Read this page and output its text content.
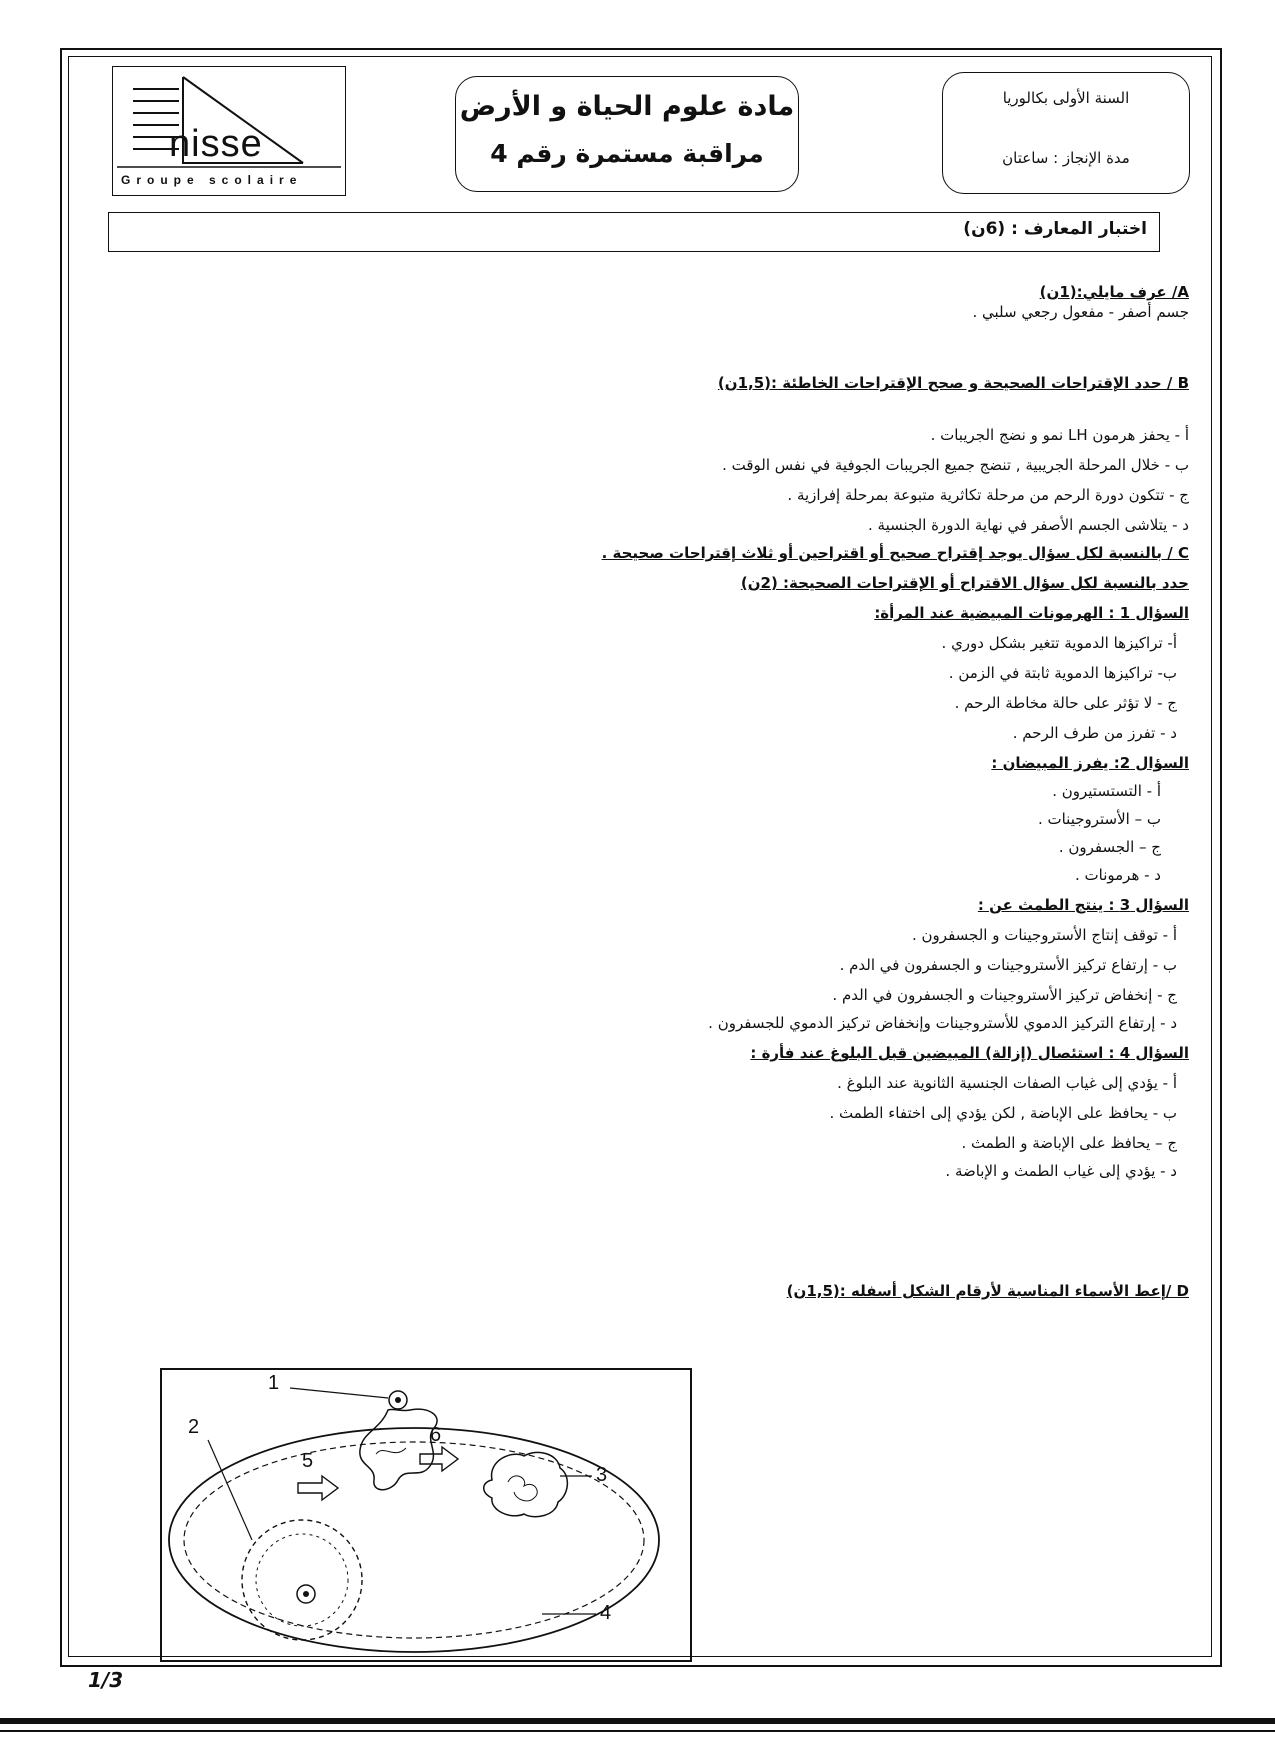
nisse
Groupe scolaire
مادة علوم الحياة و الأرض
مراقبة مستمرة رقم 4
السنة الأولى بكالوريا
مدة الإنجاز : ساعتان
اختبار المعارف : (6ن)
A/ عرف مايلي:(1ن)
جسم أصفر - مفعول رجعي سلبي .
B / حدد الإقتراحات الصحيحة و صحح الإقتراحات الخاطئة :(1,5ن)
أ - يحفز هرمون LH نمو و نضج الجريبات .
ب - خلال المرحلة الجريبية , تنضج جميع الجريبات الجوفية في نفس الوقت .
ج - تتكون دورة الرحم من مرحلة تكاثرية متبوعة بمرحلة إفرازية .
د - يتلاشى الجسم الأصفر في نهاية الدورة الجنسية .
C / بالنسبة لكل سؤال يوجد إقتراح صحيح أو اقتراحين أو ثلاث إقتراحات صحيحة .
حدد بالنسبة لكل سؤال الاقتراح أو الإقتراحات الصحيحة: (2ن)
السؤال 1 : الهرمونات المبيضية عند المرأة:
أ- تراكيزها الدموية تتغير بشكل دوري .
ب- تراكيزها الدموية ثابتة في الزمن .
ج - لا تؤثر على حالة مخاطة الرحم .
د - تفرز من طرف الرحم .
السؤال 2: يفرز المبيضان :
أ - التستستيرون .
ب – الأستروجينات .
ج – الجسفرون .
د - هرمونات .
السؤال 3 : ينتج الطمث عن :
أ - توقف إنتاج الأستروجينات و الجسفرون .
ب - إرتفاع تركيز الأستروجينات و الجسفرون في الدم .
ج - إنخفاض تركيز الأستروجينات و الجسفرون في الدم .
د - إرتفاع التركيز الدموي للأستروجينات وإنخفاض تركيز الدموي للجسفرون .
السؤال 4 : استئصال (إزالة) المبيضين قبل البلوغ عند فأرة :
أ - يؤدي إلى غياب الصفات الجنسية الثانوية عند البلوغ .
ب - يحافظ على الإباضة , لكن يؤدي إلى اختفاء الطمث .
ج – يحافظ على الإباضة و الطمث .
د - يؤدي إلى غياب الطمث و الإباضة .
D /إعط الأسماء المناسبة لأرقام الشكل أسفله :(1,5ن)
1
2
3
4
5
6
1/3
